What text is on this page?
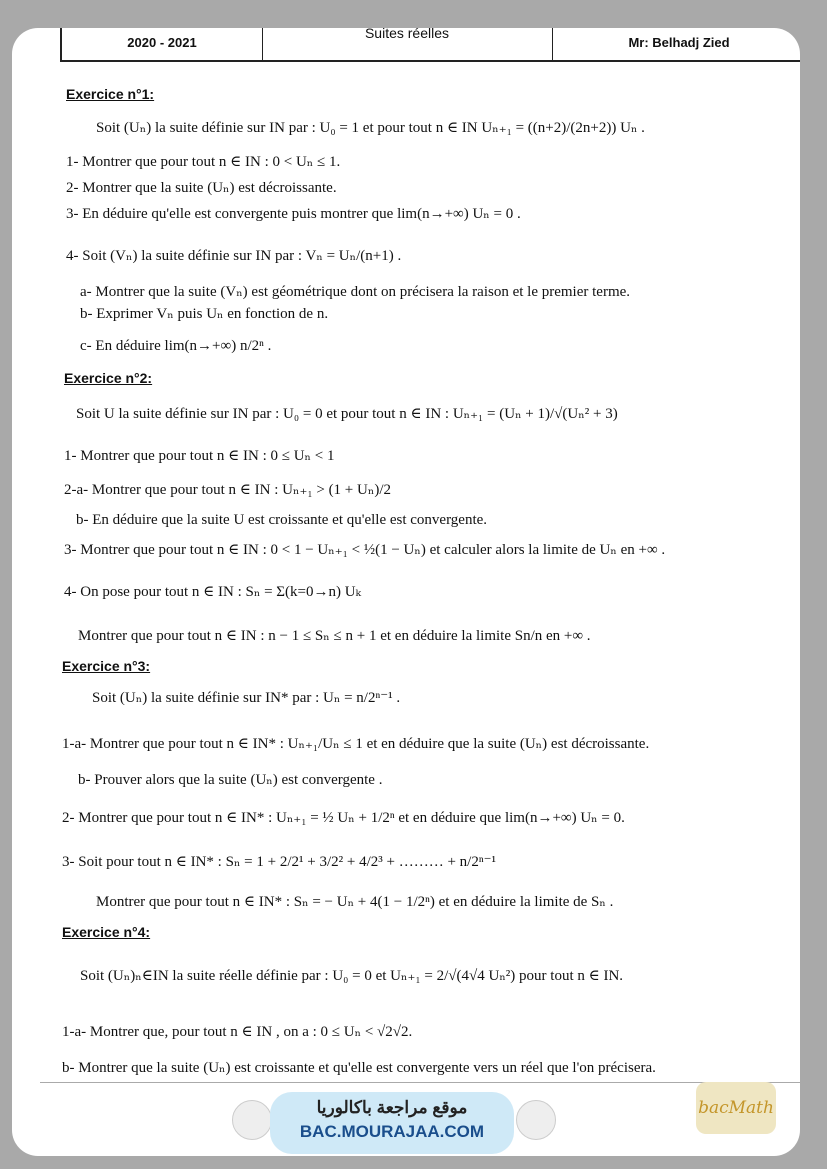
2020 - 2021
Suites réelles
Mr: Belhadj Zied
Exercice n°1:
Soit (Uₙ) la suite définie sur IN par : U₀ = 1 et pour tout n ∈ IN Uₙ₊₁ = ((n+2)/(2n+2)) Uₙ .
1- Montrer que pour tout n ∈ IN : 0 < Uₙ ≤ 1.
2- Montrer que la suite (Uₙ) est décroissante.
3- En déduire qu'elle est convergente puis montrer que lim(n→+∞) Uₙ = 0 .
4- Soit (Vₙ) la suite définie sur IN par : Vₙ = Uₙ/(n+1) .
a- Montrer que la suite (Vₙ) est géométrique dont on précisera la raison et le premier terme.
b- Exprimer Vₙ puis Uₙ en fonction de n.
c- En déduire lim(n→+∞) n/2ⁿ .
Exercice n°2:
Soit U la suite définie sur IN par : U₀ = 0 et pour tout n ∈ IN : Uₙ₊₁ = (Uₙ + 1)/√(Uₙ² + 3)
1- Montrer que pour tout n ∈ IN : 0 ≤ Uₙ < 1
2-a- Montrer que pour tout n ∈ IN : Uₙ₊₁ > (1 + Uₙ)/2
b- En déduire que la suite U est croissante et qu'elle est convergente.
3- Montrer que pour tout n ∈ IN : 0 < 1 − Uₙ₊₁ < ½(1 − Uₙ) et calculer alors la limite de Uₙ en +∞ .
4- On pose pour tout n ∈ IN : Sₙ = Σ(k=0→n) Uₖ
Montrer que pour tout n ∈ IN : n − 1 ≤ Sₙ ≤ n + 1 et en déduire la limite Sn/n en +∞ .
Exercice n°3:
Soit (Uₙ) la suite définie sur IN* par : Uₙ = n/2ⁿ⁻¹ .
1-a- Montrer que pour tout n ∈ IN* : Uₙ₊₁/Uₙ ≤ 1 et en déduire que la suite (Uₙ) est décroissante.
b- Prouver alors que la suite (Uₙ) est convergente .
2- Montrer que pour tout n ∈ IN* : Uₙ₊₁ = ½ Uₙ + 1/2ⁿ et en déduire que lim(n→+∞) Uₙ = 0.
3- Soit pour tout n ∈ IN* : Sₙ = 1 + 2/2¹ + 3/2² + 4/2³ + ……… + n/2ⁿ⁻¹
Montrer que pour tout n ∈ IN* : Sₙ = − Uₙ + 4(1 − 1/2ⁿ) et en déduire la limite de Sₙ .
Exercice n°4:
Soit (Uₙ)ₙ∈IN la suite réelle définie par : U₀ = 0 et Uₙ₊₁ = 2/√(4√4 Uₙ²) pour tout n ∈ IN.
1-a- Montrer que, pour tout n ∈ IN , on a : 0 ≤ Uₙ < √2√2.
b- Montrer que la suite (Uₙ) est croissante et qu'elle est convergente vers un réel que l'on précisera.
موقع مراجعة باكالوريا
BAC.MOURAJAA.COM
bacMath
